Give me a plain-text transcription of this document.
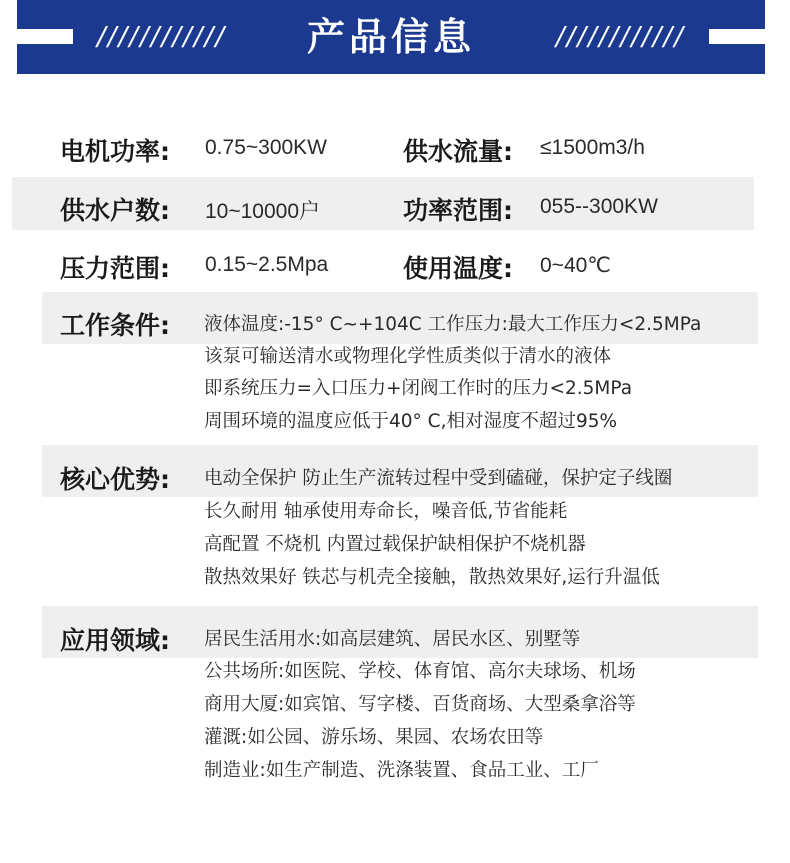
////////////	产品信息	////////////
电机功率: 0.75~300KW	供水流量: ≤1500m3/h
供水户数: 10~10000户	功率范围: 055--300KW
压力范围: 0.15~2.5Mpa	使用温度: 0~40℃
工作条件: 液体温度:-15° C~+104C 工作压力:最大工作压力<2.5MPa
该泵可输送清水或物理化学性质类似于清水的液体
即系统压力=入口压力+闭阀工作时的压力<2.5MPa
周围环境的温度应低于40° C,相对湿度不超过95%
核心优势: 电动全保护 防止生产流转过程中受到磕碰，保护定子线圈
长久耐用 轴承使用寿命长，噪音低,节省能耗
高配置 不烧机 内置过载保护缺相保护不烧机器
散热效果好 铁芯与机壳全接触，散热效果好,运行升温低
应用领域: 居民生活用水:如高层建筑、居民水区、别墅等
公共场所:如医院、学校、体育馆、高尔夫球场、机场
商用大厦:如宾馆、写字楼、百货商场、大型桑拿浴等
灌溉:如公园、游乐场、果园、农场农田等
制造业:如生产制造、洗涤装置、食品工业、工厂
